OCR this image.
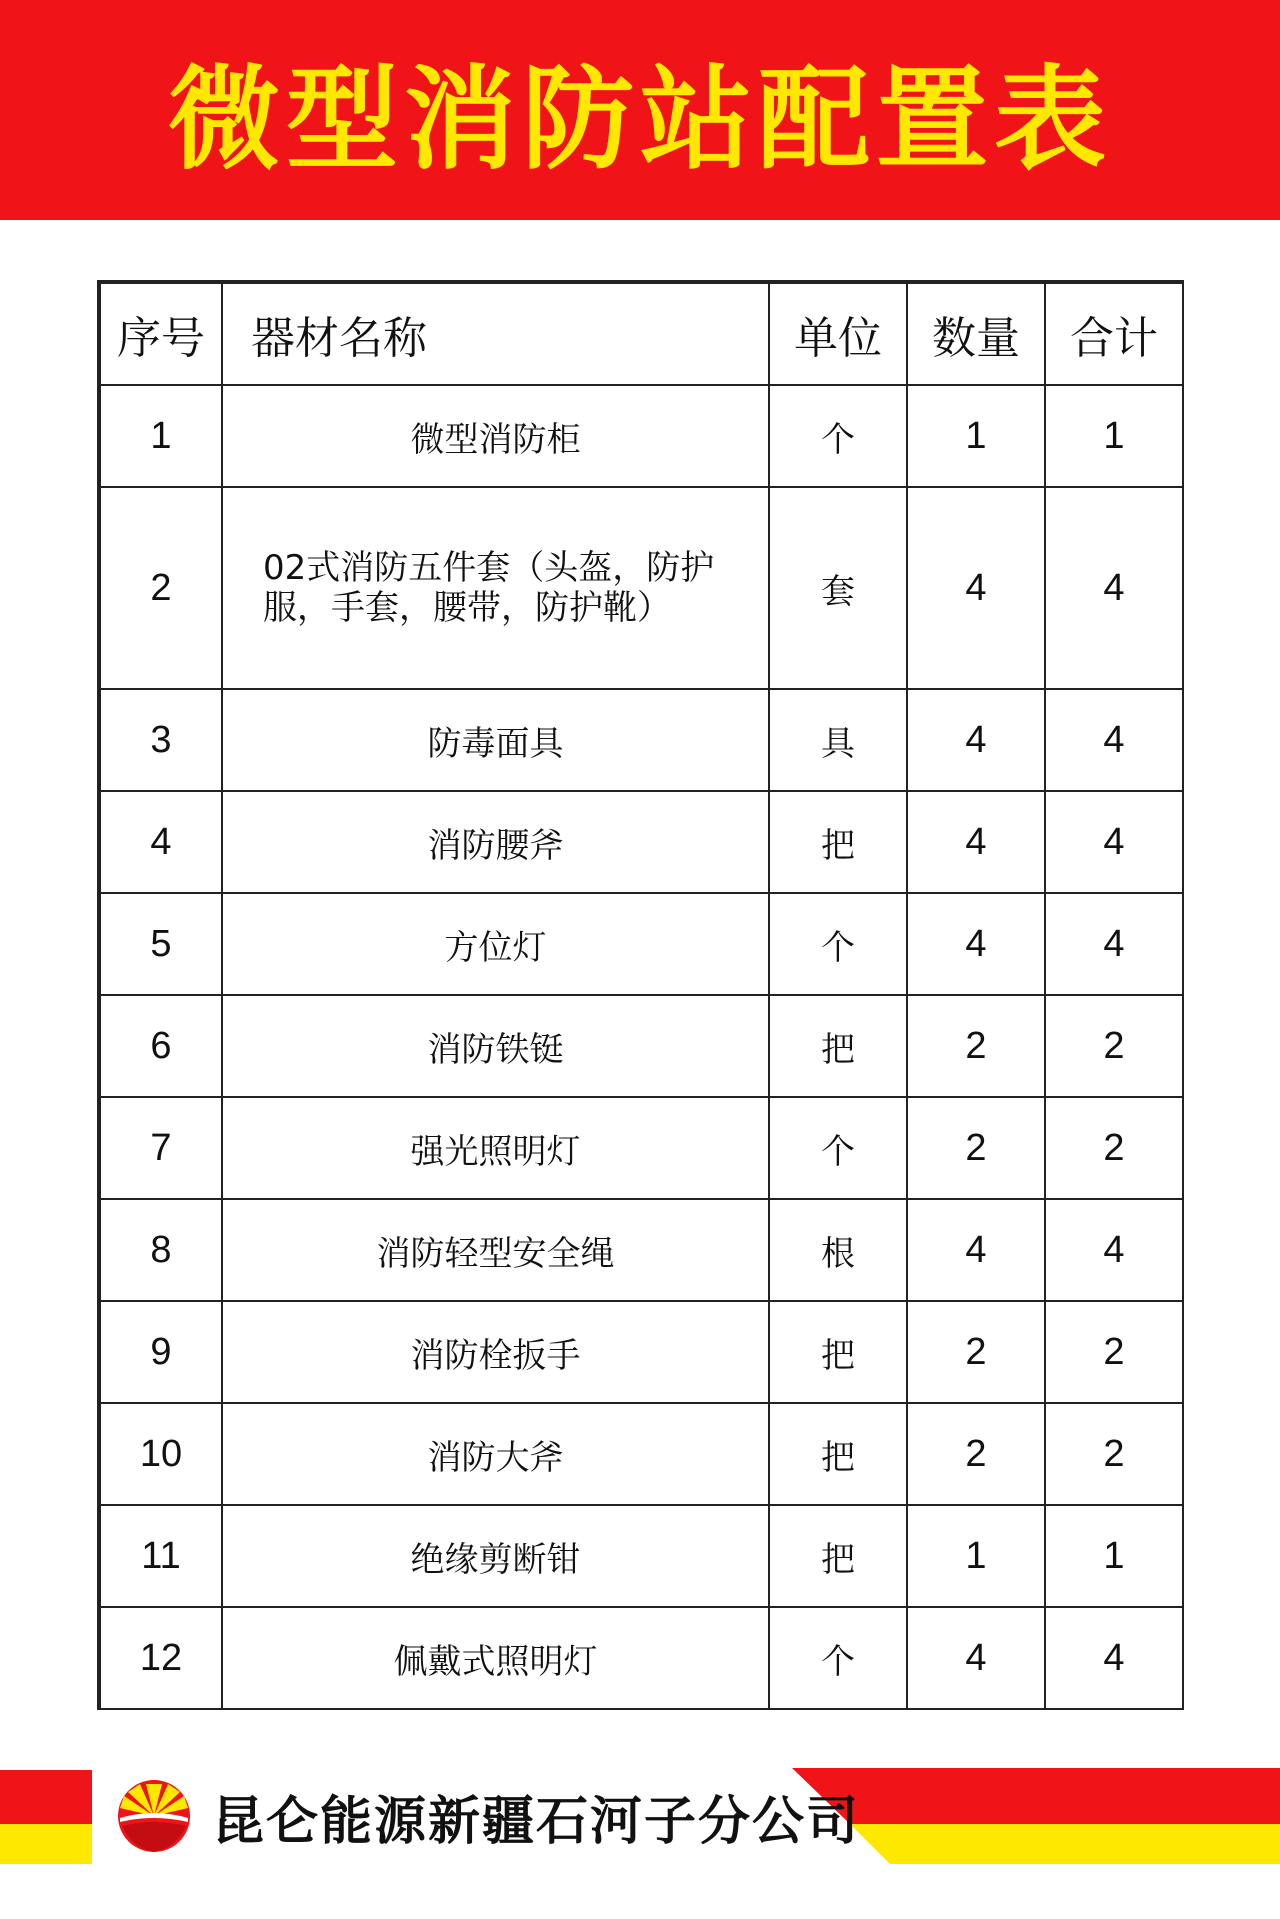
微型消防站配置表
序号	器材名称	单位	数量	合计
1	微型消防柜	个	1	1
2	02式消防五件套（头盔，防护服，手套，腰带，防护靴）	套	4	4
3	防毒面具	具	4	4
4	消防腰斧	把	4	4
5	方位灯	个	4	4
6	消防铁铤	把	2	2
7	强光照明灯	个	2	2
8	消防轻型安全绳	根	4	4
9	消防栓扳手	把	2	2
10	消防大斧	把	2	2
11	绝缘剪断钳	把	1	1
12	佩戴式照明灯	个	4	4
昆仑能源新疆石河子分公司
